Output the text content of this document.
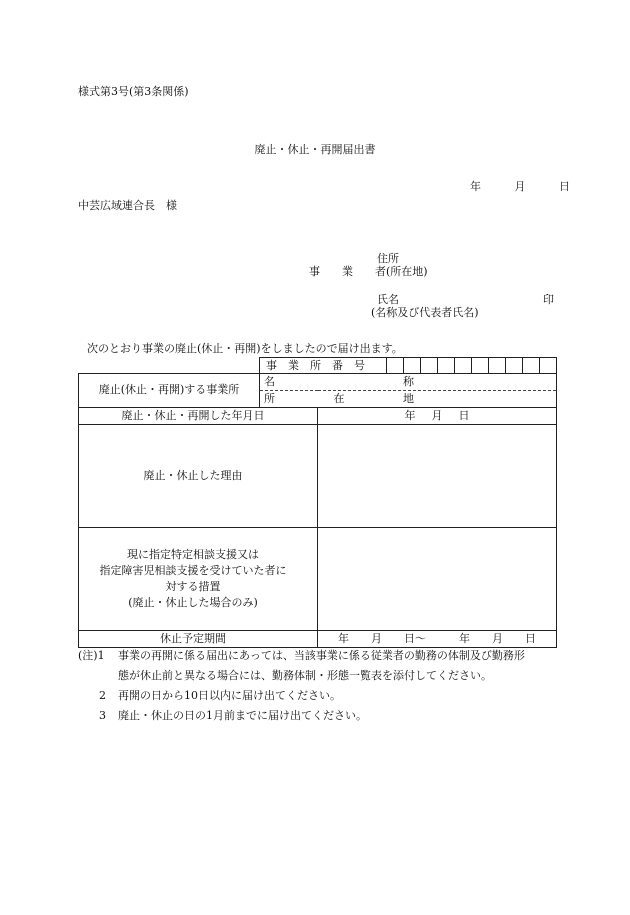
様式第3号(第3条関係)
廃止・休止・再開届出書
年	月	日
中芸広域連合長　様
住所
事　　業　　者(所在地)
氏名	印
(名称及び代表者氏名)
次のとおり事業の廃止(休止・再開)をしましたので届け出ます。

	事　業　所　番　号	

廃止(休止・再開)する事業所	名 称	

	所 在 地	

廃止・休止・再開した年月日		年 月 日

廃止・休止した理由		

現に指定特定相談支援又は
指定障害児相談支援を受けていた者に
対する措置
(廃止・休止した場合のみ)		

休止予定期間		年　　月　　日〜　　　年　　月　　日
(注)1	事業の再開に係る届出にあっては、当該事業に係る従業者の勤務の体制及び勤務形
態が休止前と異なる場合には、勤務体制・形態一覧表を添付してください。
2	再開の日から10日以内に届け出てください。
3	廃止・休止の日の1月前までに届け出てください。
